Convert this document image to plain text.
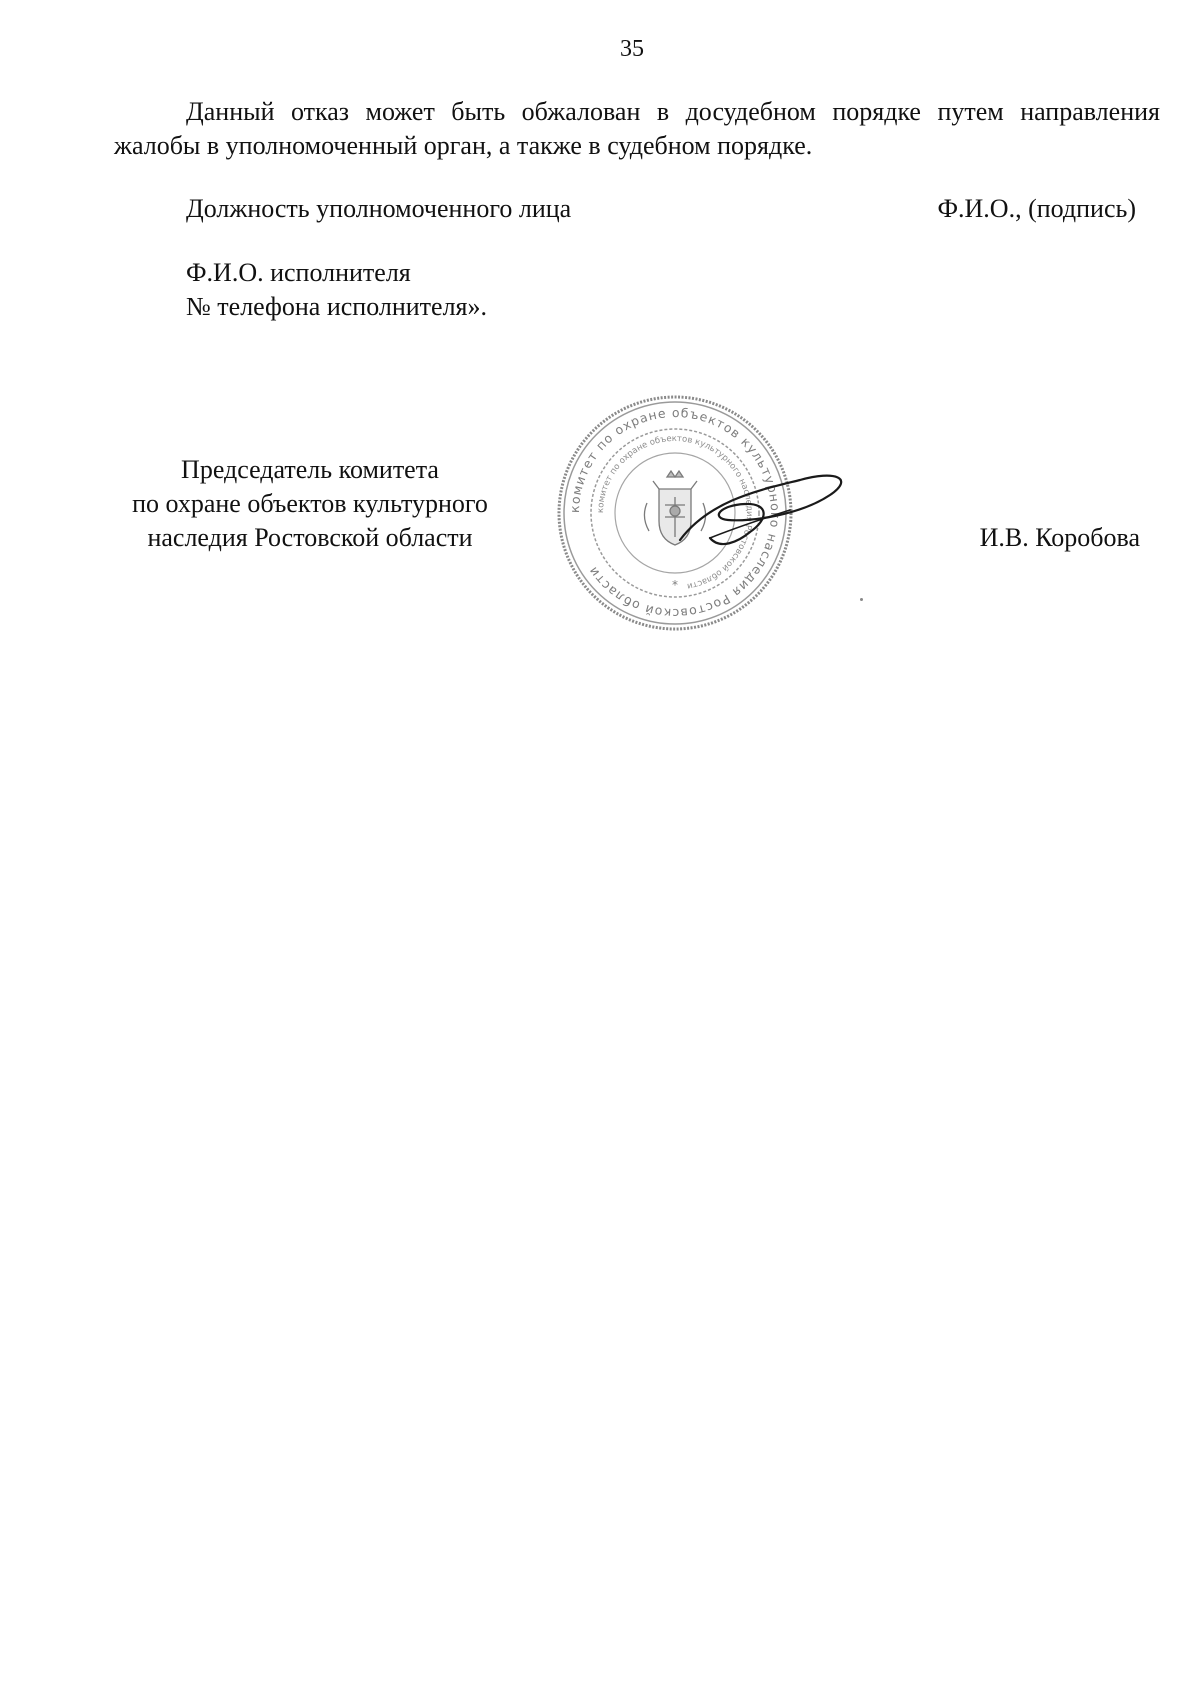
35
Данный отказ может быть обжалован в досудебном порядке путем направления жалобы в уполномоченный орган, а также в судебном порядке.
Должность уполномоченного лица	Ф.И.О., (подпись)
Ф.И.О. исполнителя
№ телефона исполнителя».
Председатель комитета
по охране объектов культурного
наследия Ростовской области
комитет по охране объектов культурного наследия Ростовской области
комитет по охране объектов культурного наследия Ростовской области
*
И.В. Коробова
